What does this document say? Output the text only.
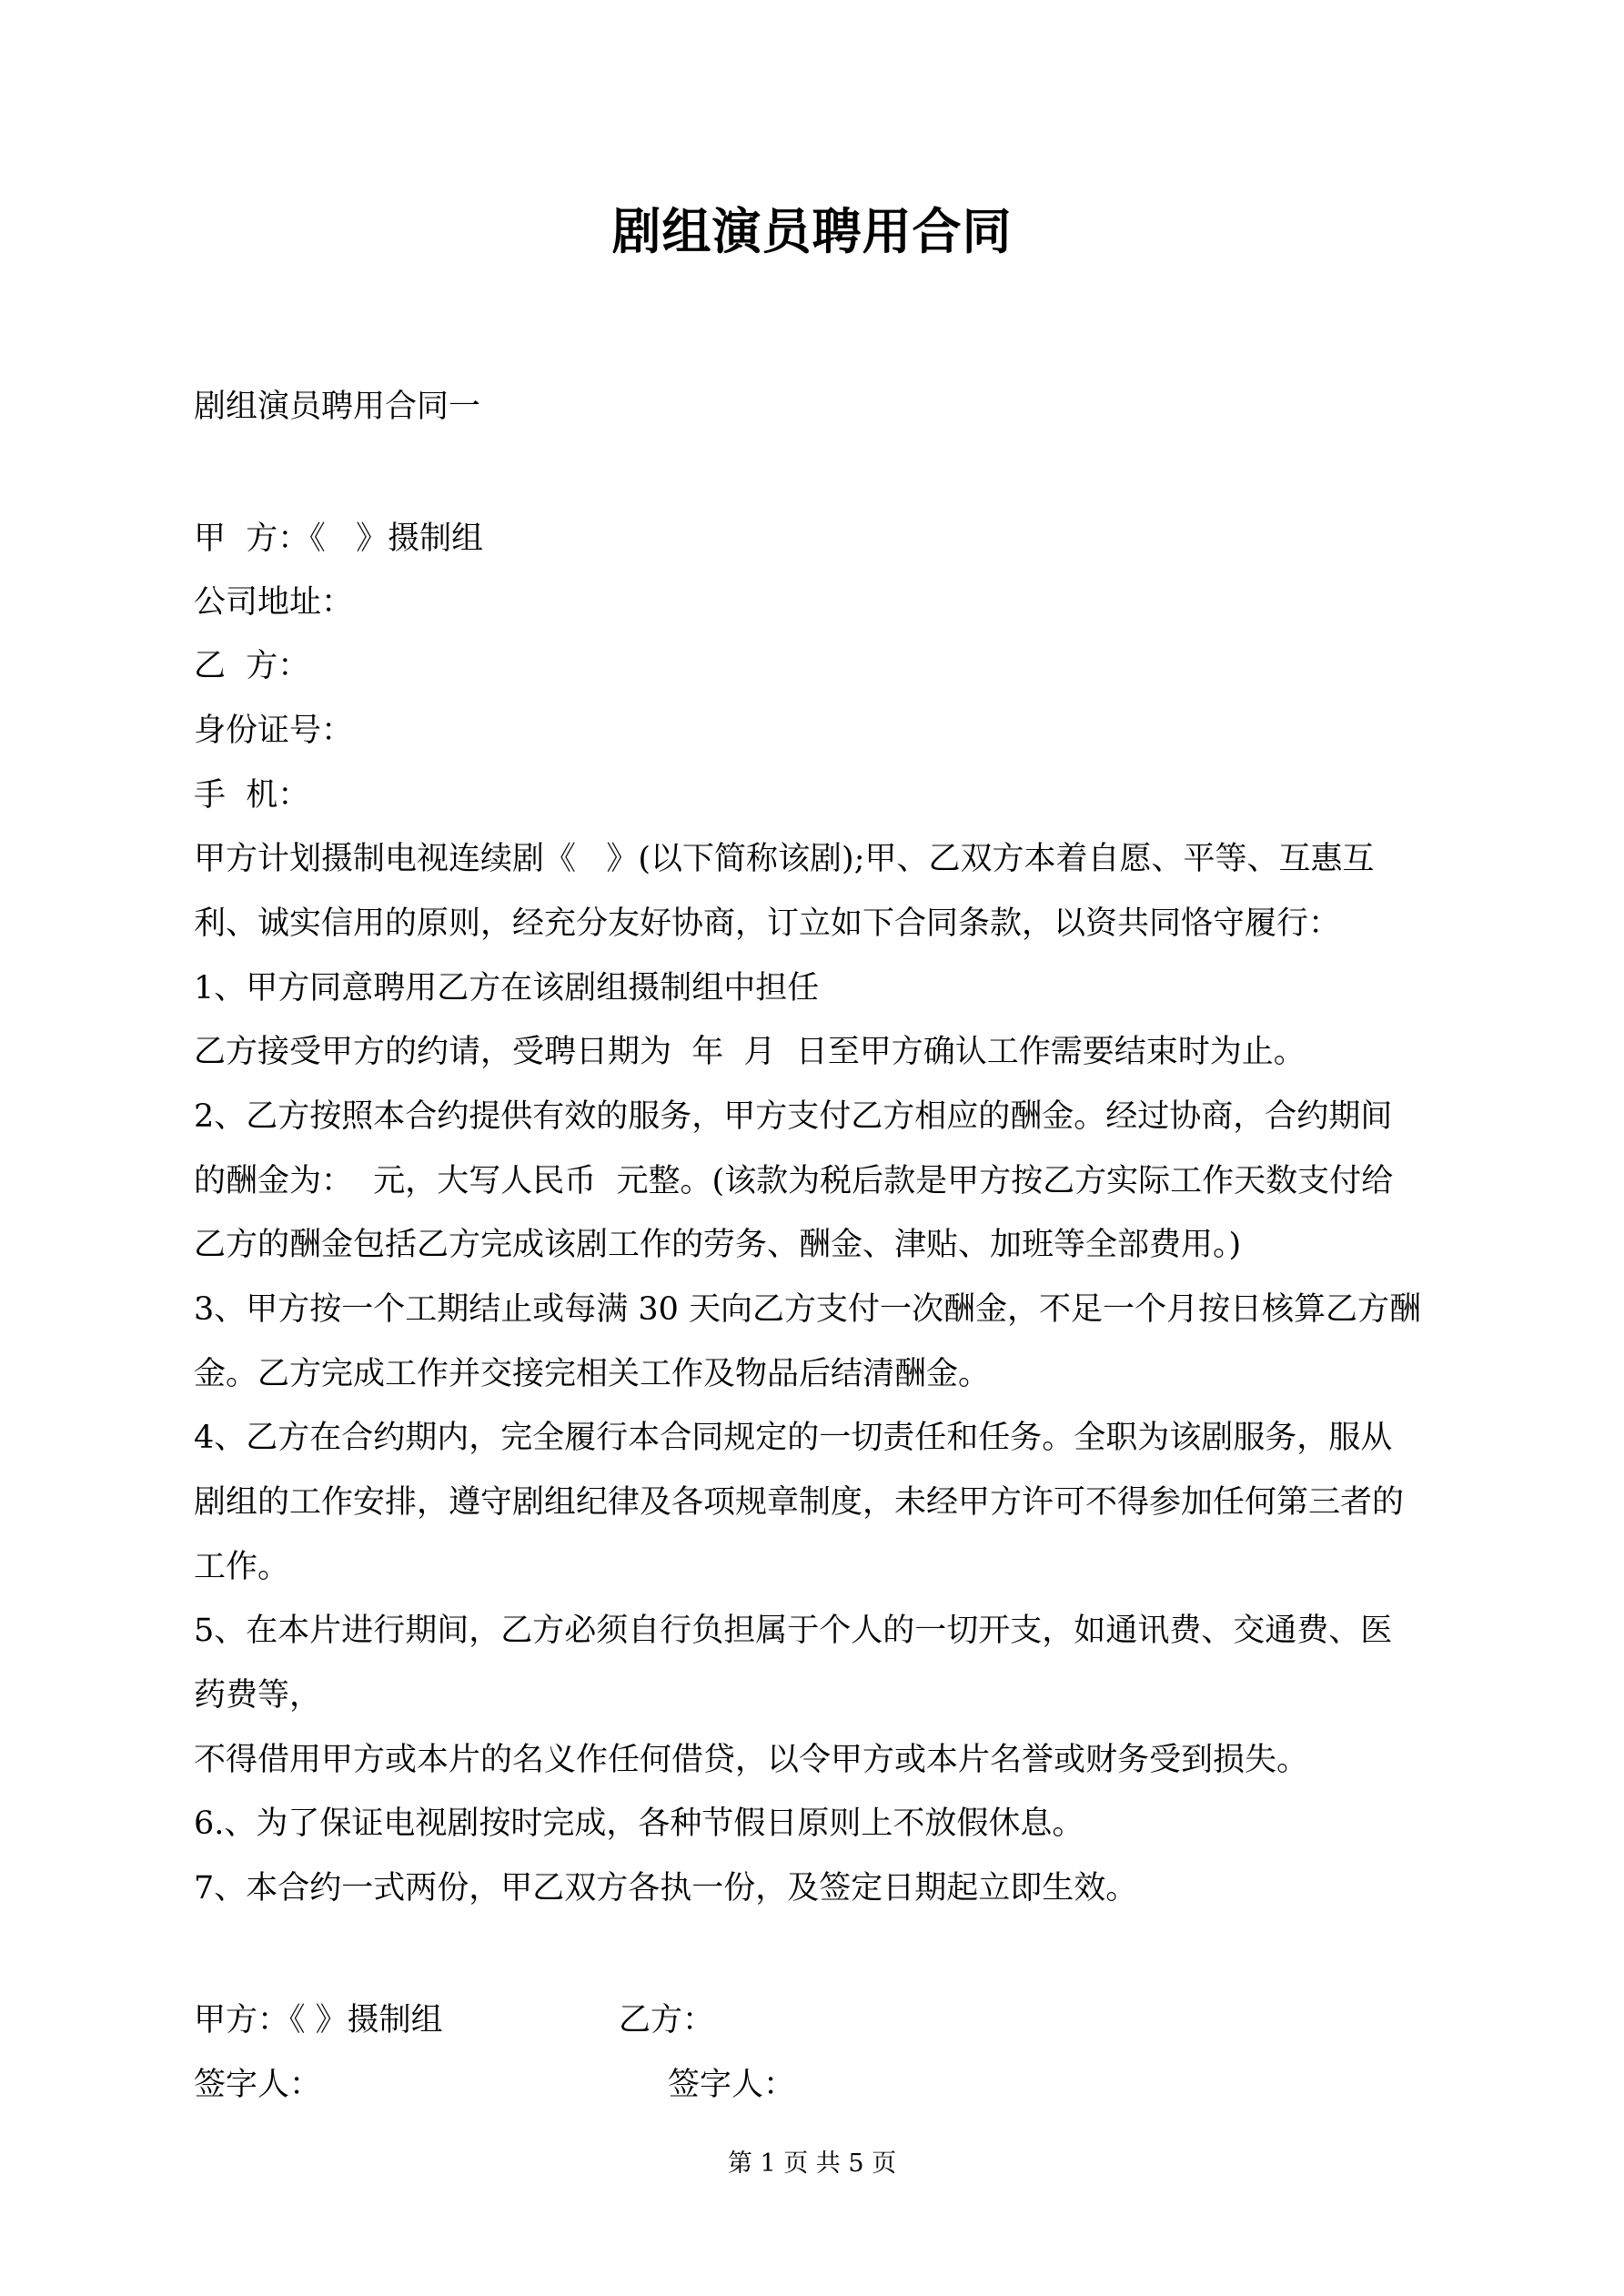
剧组演员聘用合同
剧组演员聘用合同一
甲  方：《   》摄制组
公司地址：
乙  方：
身份证号：
手  机：
甲方计划摄制电视连续剧《   》(以下简称该剧);甲、乙双方本着自愿、平等、互惠互
利、诚实信用的原则，经充分友好协商，订立如下合同条款，以资共同恪守履行：
1、甲方同意聘用乙方在该剧组摄制组中担任
乙方接受甲方的约请，受聘日期为  年  月  日至甲方确认工作需要结束时为止。
2、乙方按照本合约提供有效的服务，甲方支付乙方相应的酬金。经过协商，合约期间
的酬金为：  元，大写人民币  元整。(该款为税后款是甲方按乙方实际工作天数支付给
乙方的酬金包括乙方完成该剧工作的劳务、酬金、津贴、加班等全部费用。)
3、甲方按一个工期结止或每满 30 天向乙方支付一次酬金，不足一个月按日核算乙方酬
金。乙方完成工作并交接完相关工作及物品后结清酬金。
4、乙方在合约期内，完全履行本合同规定的一切责任和任务。全职为该剧服务，服从
剧组的工作安排，遵守剧组纪律及各项规章制度，未经甲方许可不得参加任何第三者的
工作。
5、在本片进行期间，乙方必须自行负担属于个人的一切开支，如通讯费、交通费、医
药费等，
不得借用甲方或本片的名义作任何借贷，以令甲方或本片名誉或财务受到损失。
6.、为了保证电视剧按时完成，各种节假日原则上不放假休息。
7、本合约一式两份，甲乙双方各执一份，及签定日期起立即生效。
甲方：《 》摄制组	乙方：
签字人：	签字人：
第 1 页 共 5 页
